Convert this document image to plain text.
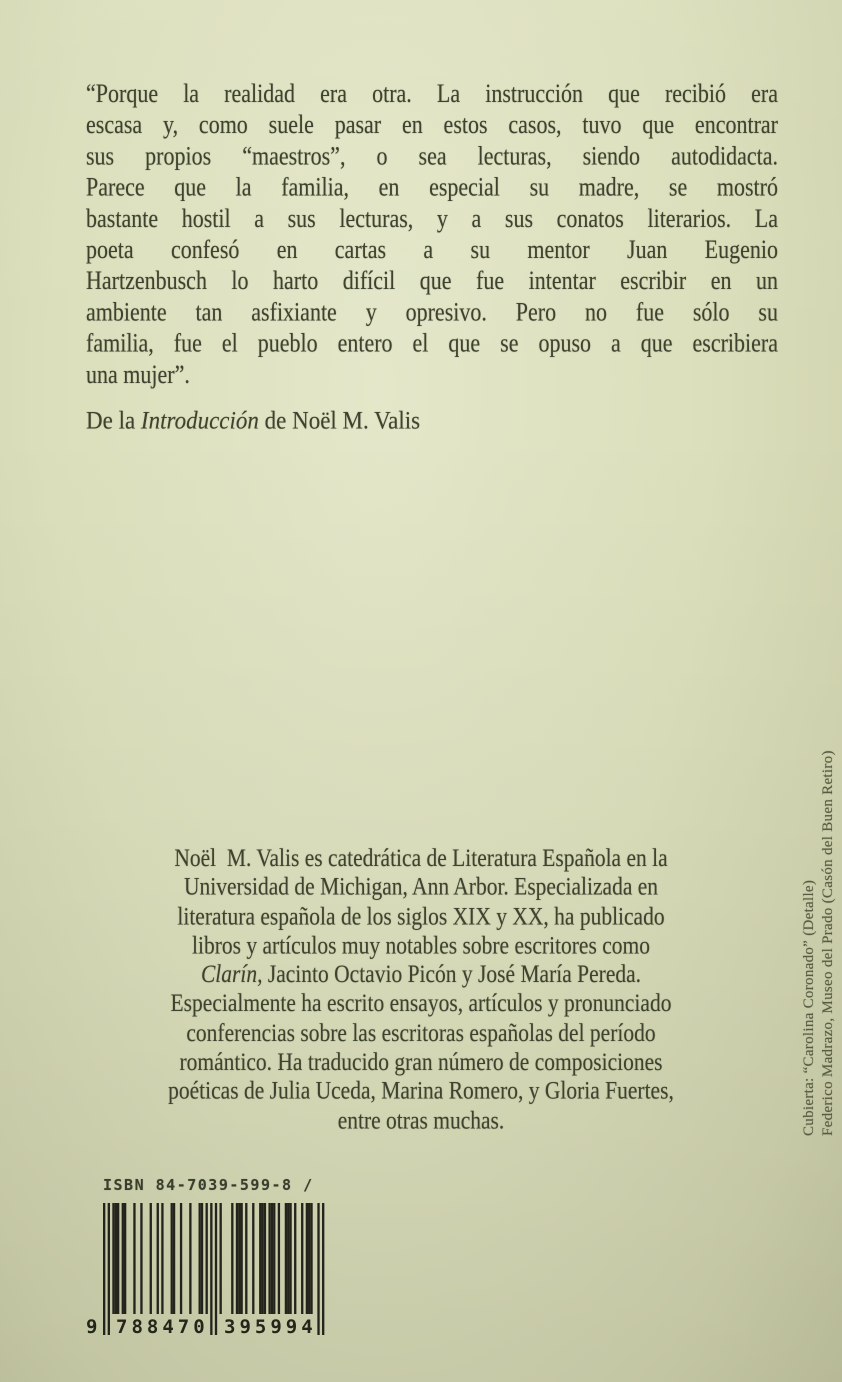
“Porque la realidad era otra. La instrucción que recibió era
escasa y, como suele pasar en estos casos, tuvo que encontrar
sus propios “maestros”, o sea lecturas, siendo autodidacta.
Parece que la familia, en especial su madre, se mostró
bastante hostil a sus lecturas, y a sus conatos literarios. La
poeta confesó en cartas a su mentor Juan Eugenio
Hartzenbusch lo harto difícil que fue intentar escribir en un
ambiente tan asfixiante y opresivo. Pero no fue sólo su
familia, fue el pueblo entero el que se opuso a que escribiera
una mujer”.
De la Introducción de Noël M. Valis
Noël  M. Valis es catedrática de Literatura Española en la
Universidad de Michigan, Ann Arbor. Especializada en
literatura española de los siglos XIX y XX, ha publicado
libros y artículos muy notables sobre escritores como
Clarín, Jacinto Octavio Picón y José María Pereda.
Especialmente ha escrito ensayos, artículos y pronunciado
conferencias sobre las escritoras españolas del período
romántico. Ha traducido gran número de composiciones
poéticas de Julia Uceda, Marina Romero, y Gloria Fuertes,
entre otras muchas.	Cubierta: “Carolina Coronado” (Detalle) Federico Madrazo, Museo del Prado (Casón del Buen Retiro)
ISBN 84-7039-599-8 /
9 788470 395994
